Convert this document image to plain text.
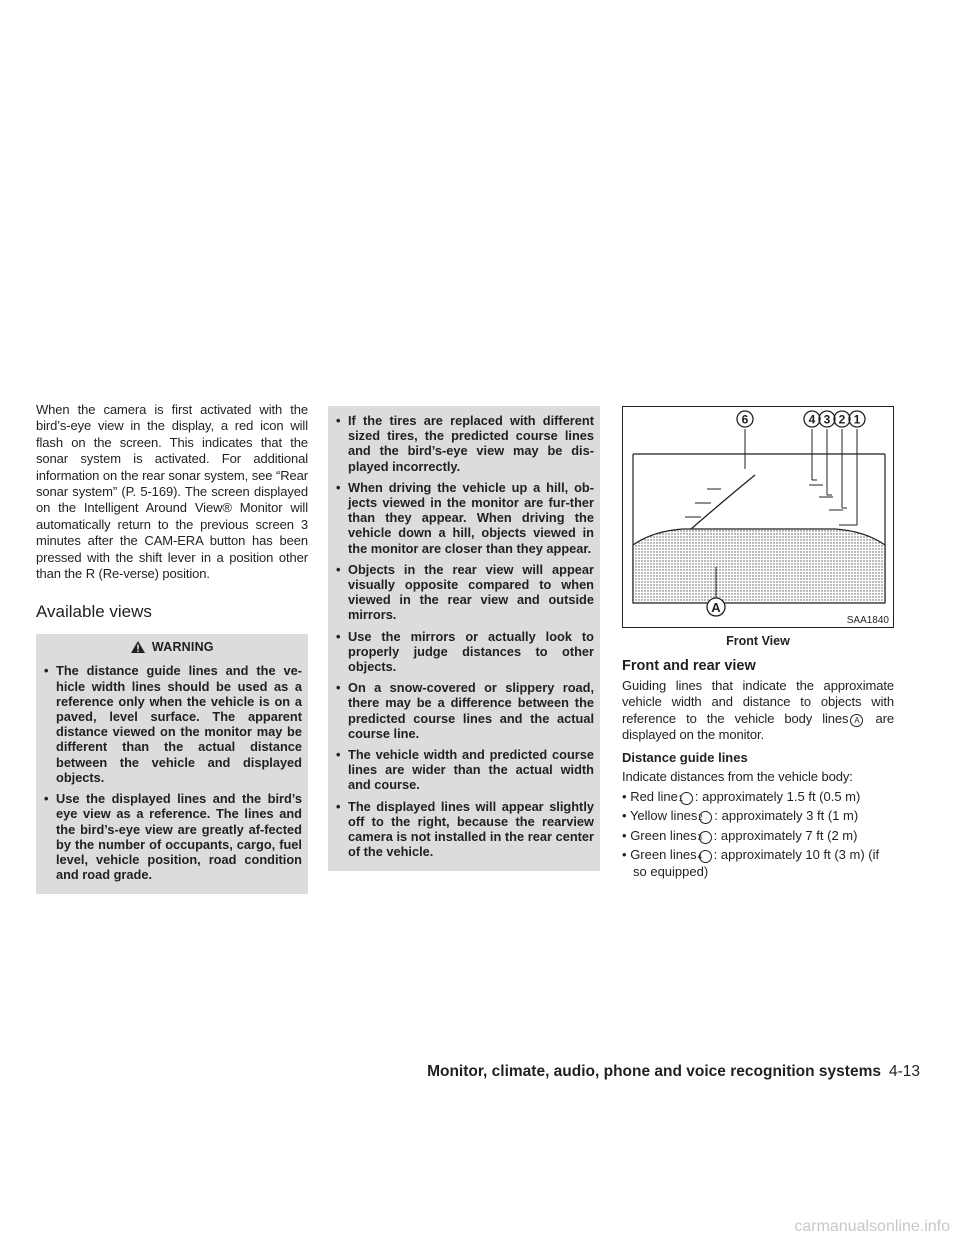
When the camera is first activated with the bird’s-eye view in the display, a red icon will flash on the screen. This indicates that the sonar system is activated. For additional information on the rear sonar system, see “Rear sonar system” (P. 5-169). The screen displayed on the Intelligent Around View® Monitor will automatically return to the previous screen 3 minutes after the CAM-ERA button has been pressed with the shift lever in a position other than the R (Re-verse) position.

Available views
WARNING

• The distance guide lines and the ve-hicle width lines should be used as a reference only when the vehicle is on a paved, level surface. The apparent distance viewed on the monitor may be different than the actual distance between the vehicle and displayed objects.

• Use the displayed lines and the bird’s eye view as a reference. The lines and the bird’s-eye view are greatly af-fected by the number of occupants, cargo, fuel level, vehicle position, road condition and road grade.

• If the tires are replaced with different sized tires, the predicted course lines and the bird’s-eye view may be dis-played incorrectly.

• When driving the vehicle up a hill, ob-jects viewed in the monitor are fur-ther than they appear. When driving the vehicle down a hill, objects viewed in the monitor are closer than they appear.

• Objects in the rear view will appear visually opposite compared to when viewed in the rear view and outside mirrors.

• Use the mirrors or actually look to properly judge distances to other objects.

• On a snow-covered or slippery road, there may be a difference between the predicted course lines and the actual course line.

• The vehicle width and predicted course lines are wider than the actual width and course.

• The displayed lines will appear slightly off to the right, because the rearview camera is not installed in the rear center of the vehicle.

6	4 3 2 1
A
SAA1840
Front View
Front and rear view

Guiding lines that indicate the approximate vehicle width and distance to objects with reference to the vehicle body lines A are displayed on the monitor.

Distance guide lines

Indicate distances from the vehicle body:

• Red line1 : approximately 1.5 ft (0.5 m)
• Yellow lines2 : approximately 3 ft (1 m)
• Green lines3 : approximately 7 ft (2 m)
• Green lines4 : approximately 10 ft (3 m) (if so equipped)
Monitor, climate, audio, phone and voice recognition systems 4-13
carmanualsonline.info
